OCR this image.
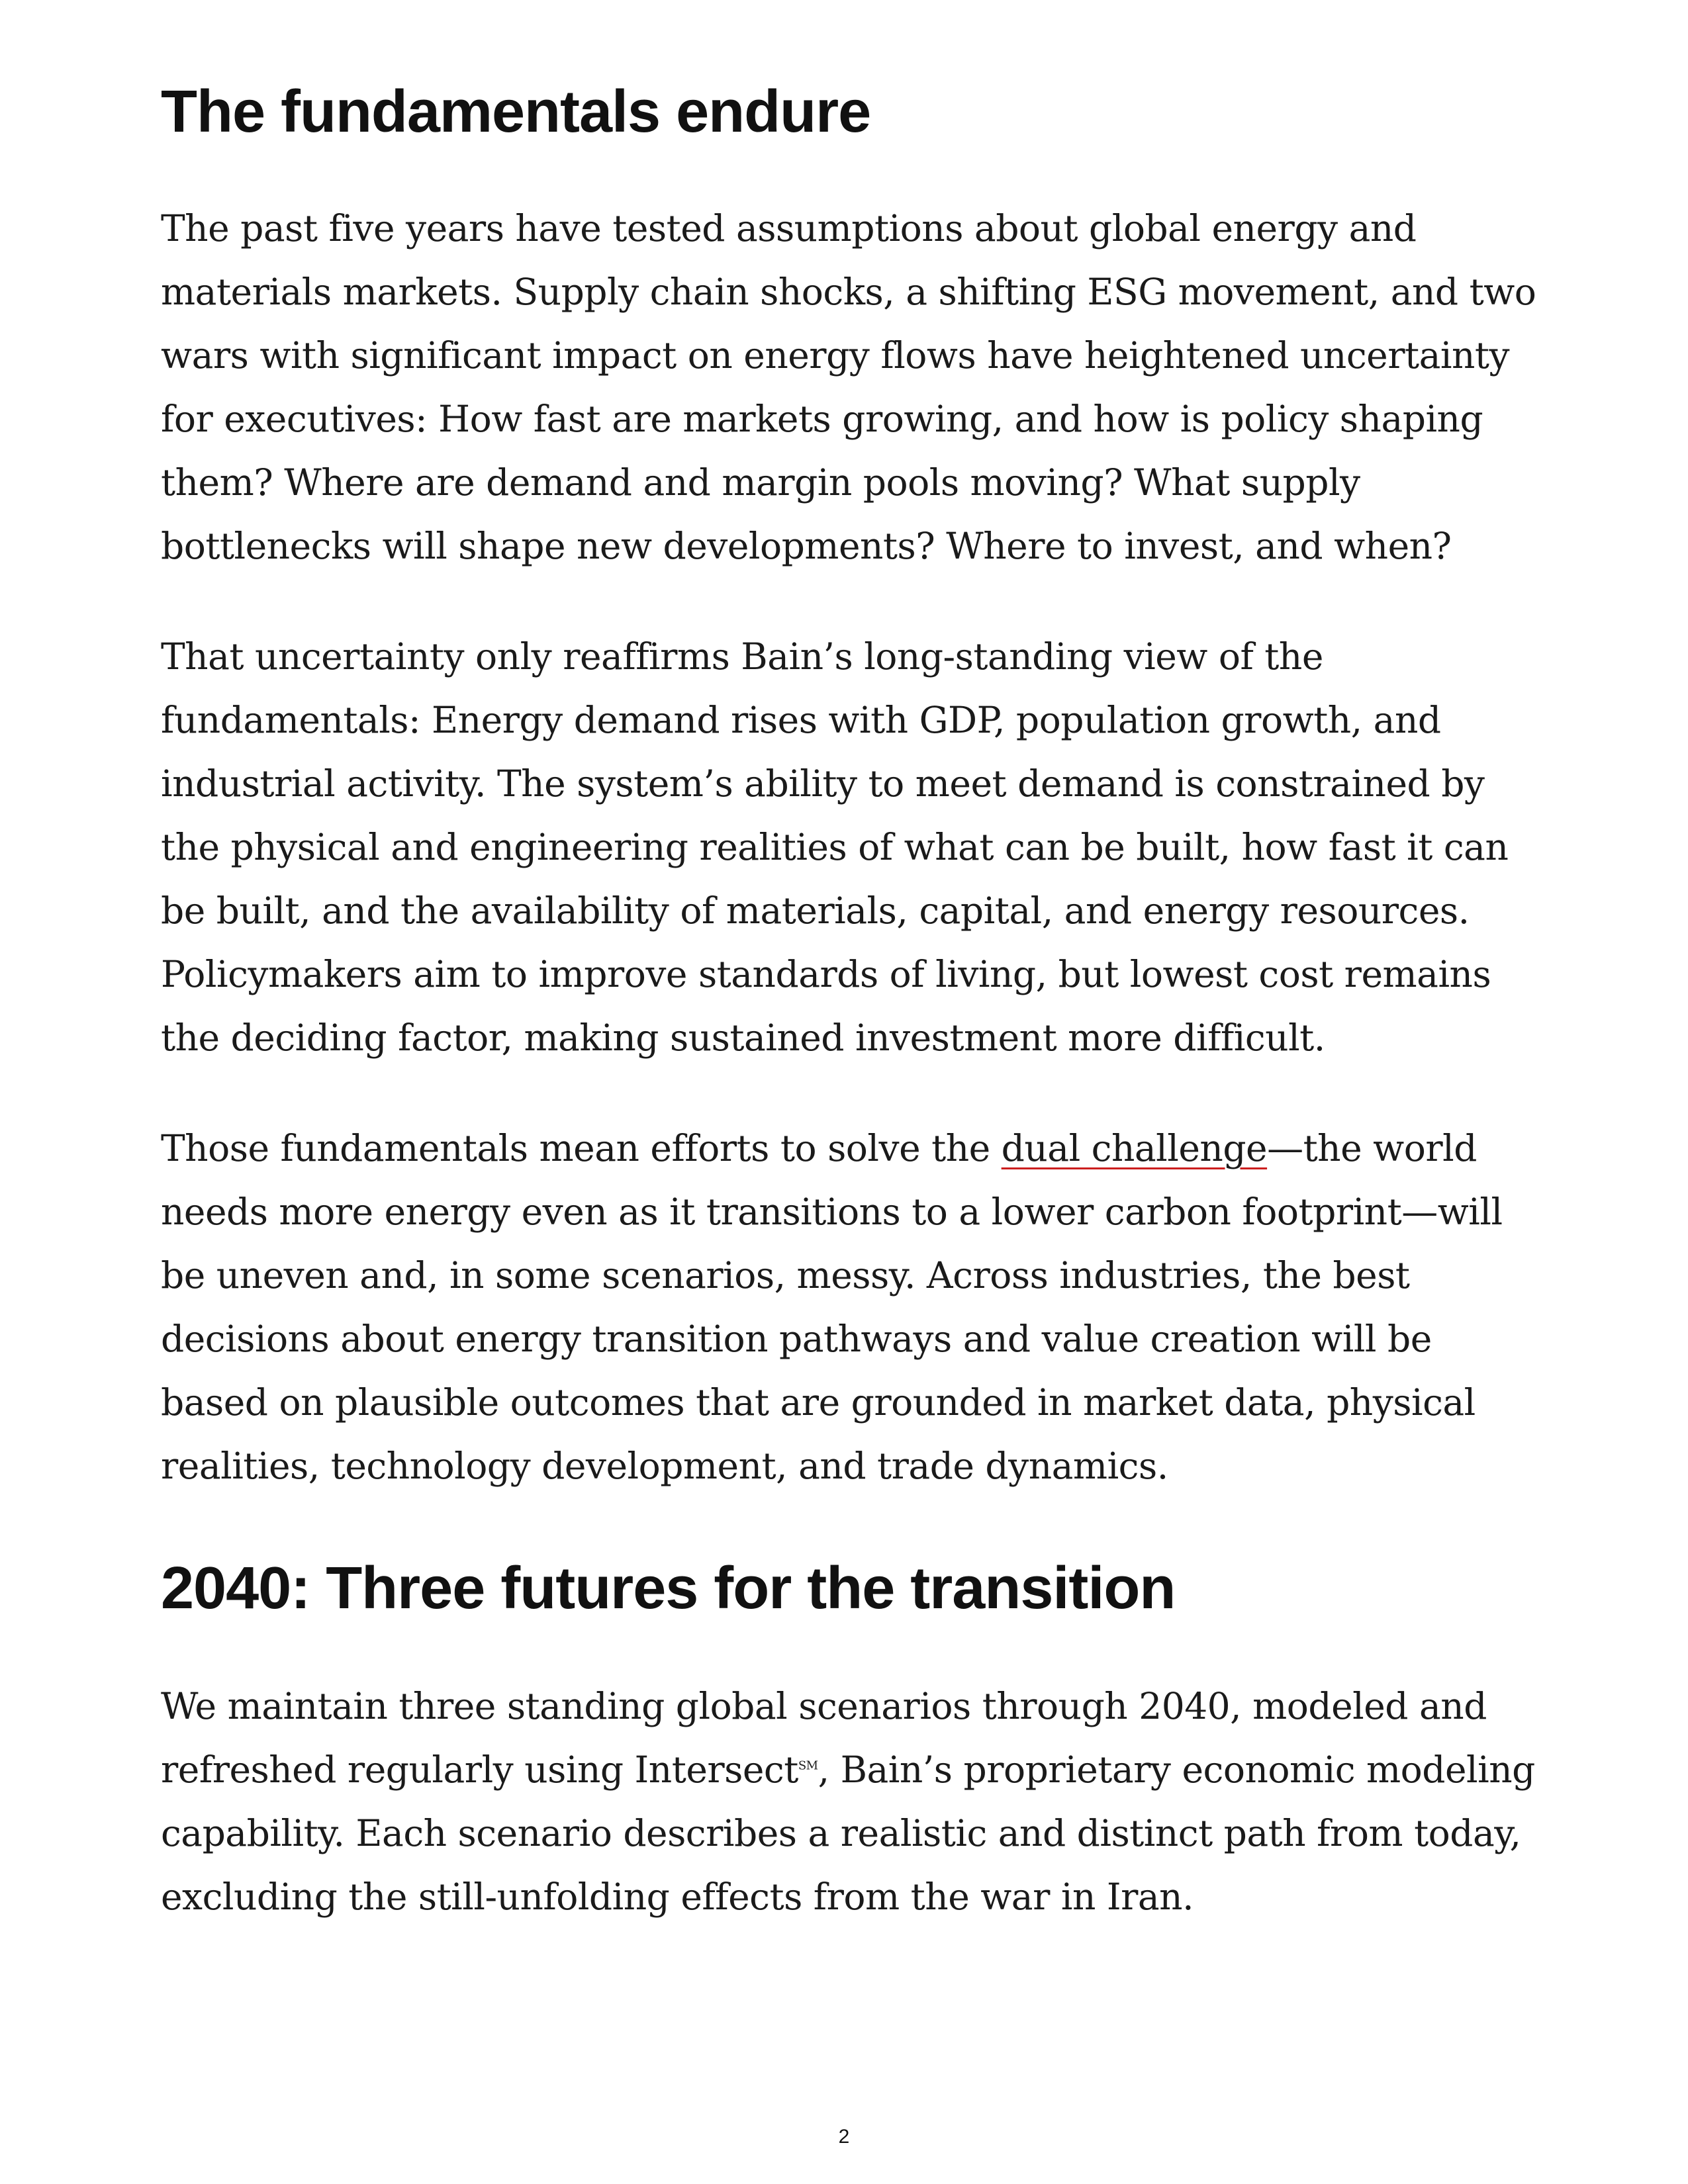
The fundamentals endure

The past five years have tested assumptions about global energy and materials markets. Supply chain shocks, a shifting ESG movement, and two wars with significant impact on energy flows have heightened uncertainty for executives: How fast are markets growing, and how is policy shaping them? Where are demand and margin pools moving? What supply bottlenecks will shape new developments? Where to invest, and when?

That uncertainty only reaffirms Bain’s long-standing view of the fundamentals: Energy demand rises with GDP, population growth, and industrial activity. The system’s ability to meet demand is constrained by the physical and engineering realities of what can be built, how fast it can be built, and the availability of materials, capital, and energy resources. Policymakers aim to improve standards of living, but lowest cost remains the deciding factor, making sustained investment more difficult.

Those fundamentals mean efforts to solve the dual challenge—the world needs more energy even as it transitions to a lower carbon footprint—will be uneven and, in some scenarios, messy. Across industries, the best decisions about energy transition pathways and value creation will be based on plausible outcomes that are grounded in market data, physical realities, technology development, and trade dynamics.

2040: Three futures for the transition

We maintain three standing global scenarios through 2040, modeled and refreshed regularly using Intersect℠, Bain’s proprietary economic modeling capability. Each scenario describes a realistic and distinct path from today, excluding the still-unfolding effects from the war in Iran.

2
